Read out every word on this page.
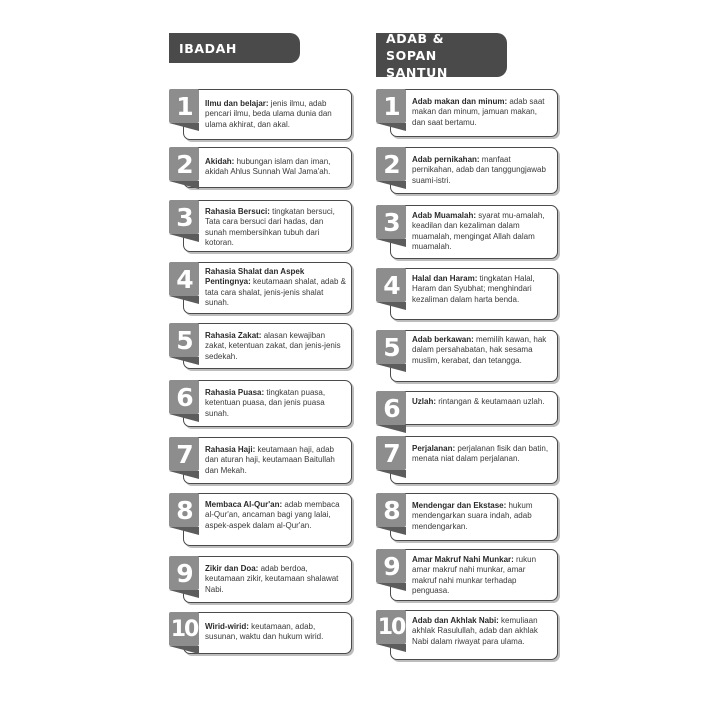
IBADAH
ADAB & SOPAN SANTUN
1	Ilmu dan belajar: jenis ilmu, adab pencari ilmu, beda ulama dunia dan ulama akhirat, dan akal.
2	Akidah: hubungan islam dan iman, akidah Ahlus Sunnah Wal Jama'ah.
3	Rahasia Bersuci: tingkatan bersuci, Tata cara bersuci dari hadas, dan sunah membersihkan tubuh dari kotoran.
4	Rahasia Shalat dan Aspek Pentingnya: keutamaan shalat, adab & tata cara shalat, jenis-jenis shalat sunah.
5	Rahasia Zakat: alasan kewajiban zakat, ketentuan zakat, dan jenis-jenis sedekah.
6	Rahasia Puasa: tingkatan puasa, ketentuan puasa, dan jenis puasa sunah.
7	Rahasia Haji: keutamaan haji, adab dan aturan haji, keutamaan Baitullah dan Mekah.
8	Membaca Al-Qur'an: adab membaca al-Qur'an, ancaman bagi yang lalai, aspek-aspek dalam al-Qur'an.
9	Zikir dan Doa: adab berdoa, keutamaan zikir, keutamaan shalawat Nabi.
10 Wirid-wirid: keutamaan, adab, susunan, waktu dan hukum wirid.
1	Adab makan dan minum: adab saat makan dan minum, jamuan makan, dan saat bertamu.
2	Adab pernikahan: manfaat pernikahan, adab dan tanggungjawab suami-istri.
3	Adab Muamalah: syarat mu-amalah, keadilan dan kezaliman dalam muamalah, mengingat Allah dalam muamalah.
4	Halal dan Haram: tingkatan Halal, Haram dan Syubhat; menghindari kezaliman dalam harta benda.
5	Adab berkawan: memilih kawan, hak dalam persahabatan, hak sesama muslim, kerabat, dan tetangga.
6	Uzlah: rintangan & keutamaan uzlah.
7	Perjalanan: perjalanan fisik dan batin, menata niat dalam perjalanan.
8	Mendengar dan Ekstase: hukum mendengarkan suara indah, adab mendengarkan.
9	Amar Makruf Nahi Munkar: rukun amar makruf nahi munkar, amar makruf nahi munkar terhadap penguasa.
10 Adab dan Akhlak Nabi: kemuliaan akhlak Rasulullah, adab dan akhlak Nabi dalam riwayat para ulama.
